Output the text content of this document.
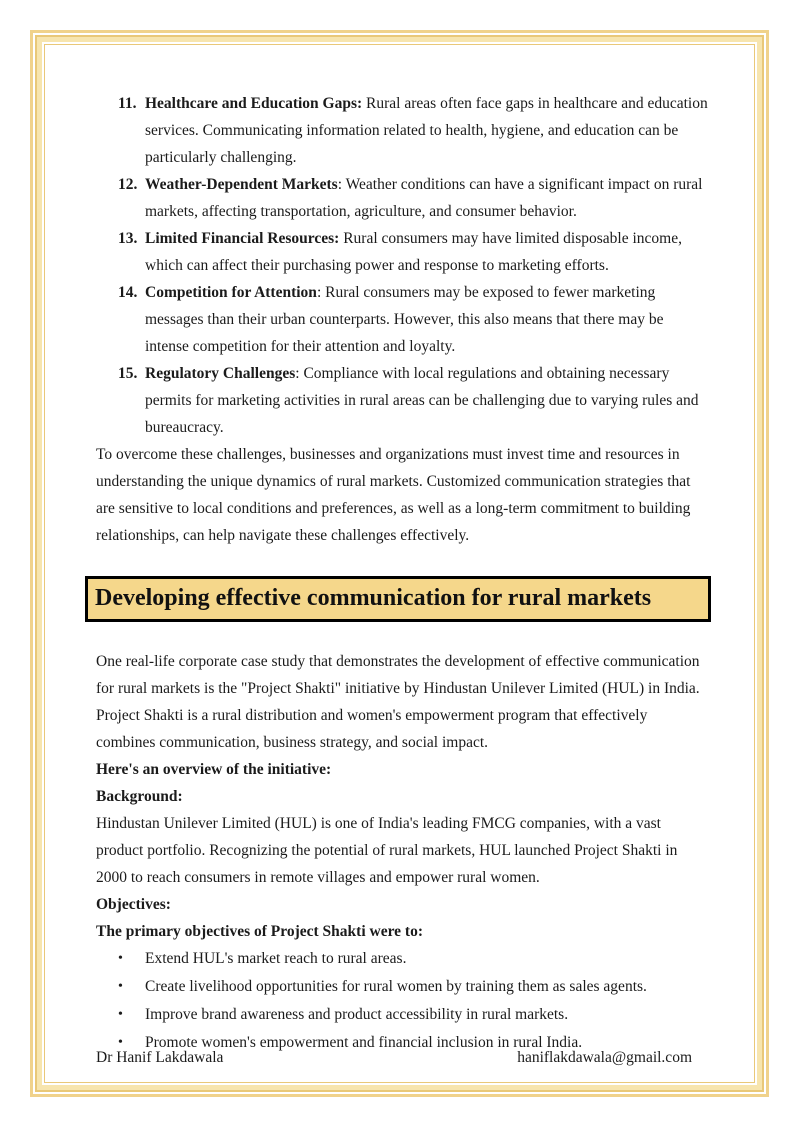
11. Healthcare and Education Gaps: Rural areas often face gaps in healthcare and education services. Communicating information related to health, hygiene, and education can be particularly challenging.
12. Weather-Dependent Markets: Weather conditions can have a significant impact on rural markets, affecting transportation, agriculture, and consumer behavior.
13. Limited Financial Resources: Rural consumers may have limited disposable income, which can affect their purchasing power and response to marketing efforts.
14. Competition for Attention: Rural consumers may be exposed to fewer marketing messages than their urban counterparts. However, this also means that there may be intense competition for their attention and loyalty.
15. Regulatory Challenges: Compliance with local regulations and obtaining necessary permits for marketing activities in rural areas can be challenging due to varying rules and bureaucracy.

To overcome these challenges, businesses and organizations must invest time and resources in understanding the unique dynamics of rural markets. Customized communication strategies that are sensitive to local conditions and preferences, as well as a long-term commitment to building relationships, can help navigate these challenges effectively.

Developing effective communication for rural markets

One real-life corporate case study that demonstrates the development of effective communication for rural markets is the "Project Shakti" initiative by Hindustan Unilever Limited (HUL) in India. Project Shakti is a rural distribution and women's empowerment program that effectively combines communication, business strategy, and social impact.

Here's an overview of the initiative:

Background:

Hindustan Unilever Limited (HUL) is one of India's leading FMCG companies, with a vast product portfolio. Recognizing the potential of rural markets, HUL launched Project Shakti in 2000 to reach consumers in remote villages and empower rural women.

Objectives:

The primary objectives of Project Shakti were to:

• Extend HUL's market reach to rural areas.
• Create livelihood opportunities for rural women by training them as sales agents.
• Improve brand awareness and product accessibility in rural markets.
• Promote women's empowerment and financial inclusion in rural India.
Dr Hanif Lakdawala	haniflakdawala@gmail.com
